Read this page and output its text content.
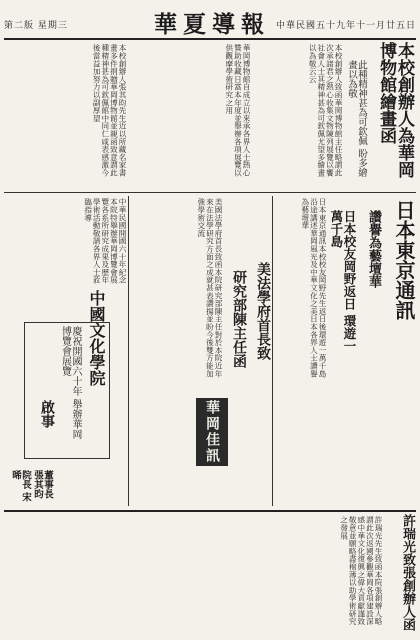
第二版 星期三	華夏導報 中華民國五十九年十一月廿五日
本校創辦人張其昀先生近以所藏名家書畫多件捐贈華岡博物館並親函致意謂此種精神甚為可欽佩館中同仁咸表感激今後當益加努力以副厚望	華岡博物館自成立以來承各界人士熱心贊助收藏日富本年度並舉辦各項展覽以供觀摩學術研究之用	本校創辦人致函華岡博物館主任略謂此次承諸君之熱心收集文物陳列展覽以饗社會人士其精神甚為可欽佩尤望多繪畫以為敬云云	本校創辦人為華岡博物館繪畫函
此種精神甚為可欽佩 盼多繪畫以為敬
日本東京通訊
讚譽為藝壇華
日本校友岡野返日 環遊一萬千島
日本東京通訊本校校友岡野先生返日後環遊一萬千島沿途講述華岡風光及中華文化之美日本各界人士讚譽為藝壇華
美法學府首長致
研究部陳主任函
美國法學府首長致函本院研究部陳主任對於本院近年來在法學研究方面之成就甚表讚揚並盼今後雙方能加強學術交流
華岡佳訊
中國文化學院
慶祝開國六十年 舉辦華岡博覽會展覽
啟事
董事長 張其昀
院長 宋晞
中華民國開國六十年紀念本院特舉辦華岡博覽會展覽各系所研究成果及歷年學術活動敬請各界人士蒞臨指導
許瑞光致張創辦人函
許瑞光先生致函本院張創辦人略謂此次返國參觀華岡各項建設深感中華文化復興之偉大貢獻謹致敬意並願略盡棉薄以助學術研究之發展
